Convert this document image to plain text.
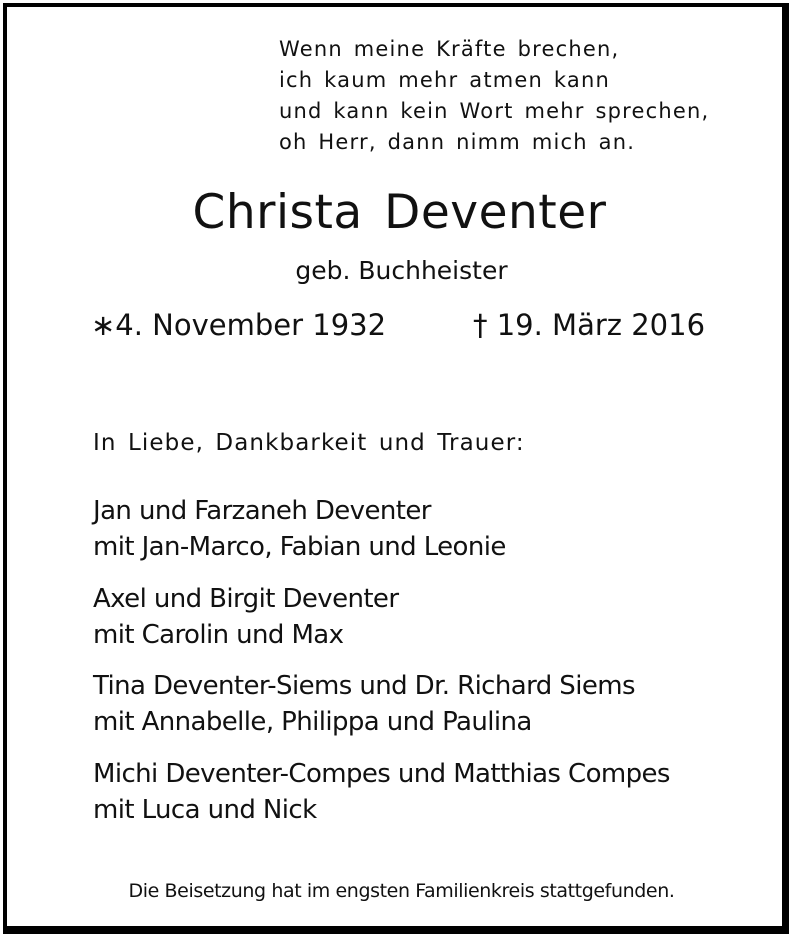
Wenn meine Kräfte brechen,
ich kaum mehr atmen kann
und kann kein Wort mehr sprechen,
oh Herr, dann nimm mich an.
Christa Deventer
geb. Buchheister
∗4. November 1932	† 19. März 2016
In Liebe, Dankbarkeit und Trauer:
Jan und Farzaneh Deventer
mit Jan-Marco, Fabian und Leonie
Axel und Birgit Deventer
mit Carolin und Max
Tina Deventer-Siems und Dr. Richard Siems
mit Annabelle, Philippa und Paulina
Michi Deventer-Compes und Matthias Compes
mit Luca und Nick
Die Beisetzung hat im engsten Familienkreis stattgefunden.
